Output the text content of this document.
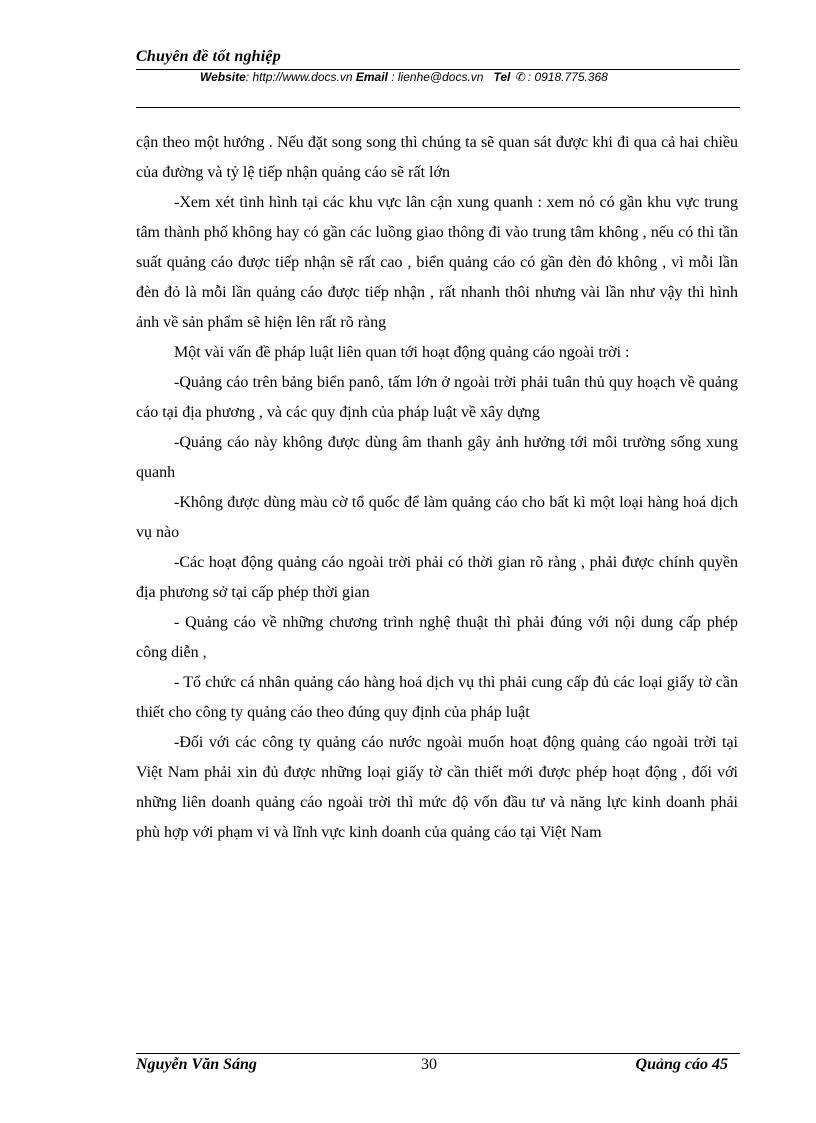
Chuyên đề tốt nghiệp
Website: http://www.docs.vn Email : lienhe@docs.vn Tel ✆ : 0918.775.368

cận theo một hướng . Nếu đặt song song thì chúng ta sẽ quan sát được khi đi qua cả hai chiều của đường và tỷ lệ tiếp nhận quảng cáo sẽ rất lớn

-Xem xét tình hình tại các khu vực lân cận xung quanh : xem nó có gần khu vực trung tâm thành phố không hay có gần các luồng giao thông đi vào trung tâm không , nếu có thì tần suất quảng cáo được tiếp nhận sẽ rất cao , biển quảng cáo có gần đèn đỏ không , vì mỗi lần đèn đỏ là mỗi lần quảng cáo được tiếp nhận , rất nhanh thôi nhưng vài lần như vậy thì hình ảnh về sản phẩm sẽ hiện lên rất rõ ràng

Một vài vấn đề pháp luật liên quan tới hoạt động quảng cáo ngoài trời :

-Quảng cáo trên bảng biển panô, tấm lớn ở ngoài trời phải tuân thủ quy hoạch về quảng cáo tại địa phương , và các quy định của pháp luật về xây dựng

-Quảng cáo này không được dùng âm thanh gây ảnh hưởng tới môi trường sống xung quanh

-Không được dùng màu cờ tổ quốc để làm quảng cáo cho bất kì một loại hàng hoá dịch vụ nào

-Các hoạt động quảng cáo ngoài trời phải có thời gian rõ ràng , phải được chính quyền địa phương sở tại cấp phép thời gian

- Quảng cáo về những chương trình nghệ thuật thì phải đúng với nội dung cấp phép công diễn ,

- Tổ chức cá nhân quảng cáo hàng hoá dịch vụ thì phải cung cấp đủ các loại giấy tờ cần thiết cho công ty quảng cáo theo đúng quy định của pháp luật

-Đối với các công ty quảng cáo nước ngoài muốn hoạt động quảng cáo ngoài trời tại Việt Nam phải xin đủ được những loại giấy tờ cần thiết mới được phép hoạt động , đối với những liên doanh quảng cáo ngoài trời thì mức độ vốn đầu tư và năng lực kinh doanh phải phù hợp với phạm vi và lĩnh vực kinh doanh của quảng cáo tại Việt Nam

Nguyễn Văn Sáng	30	Quảng cáo 45
